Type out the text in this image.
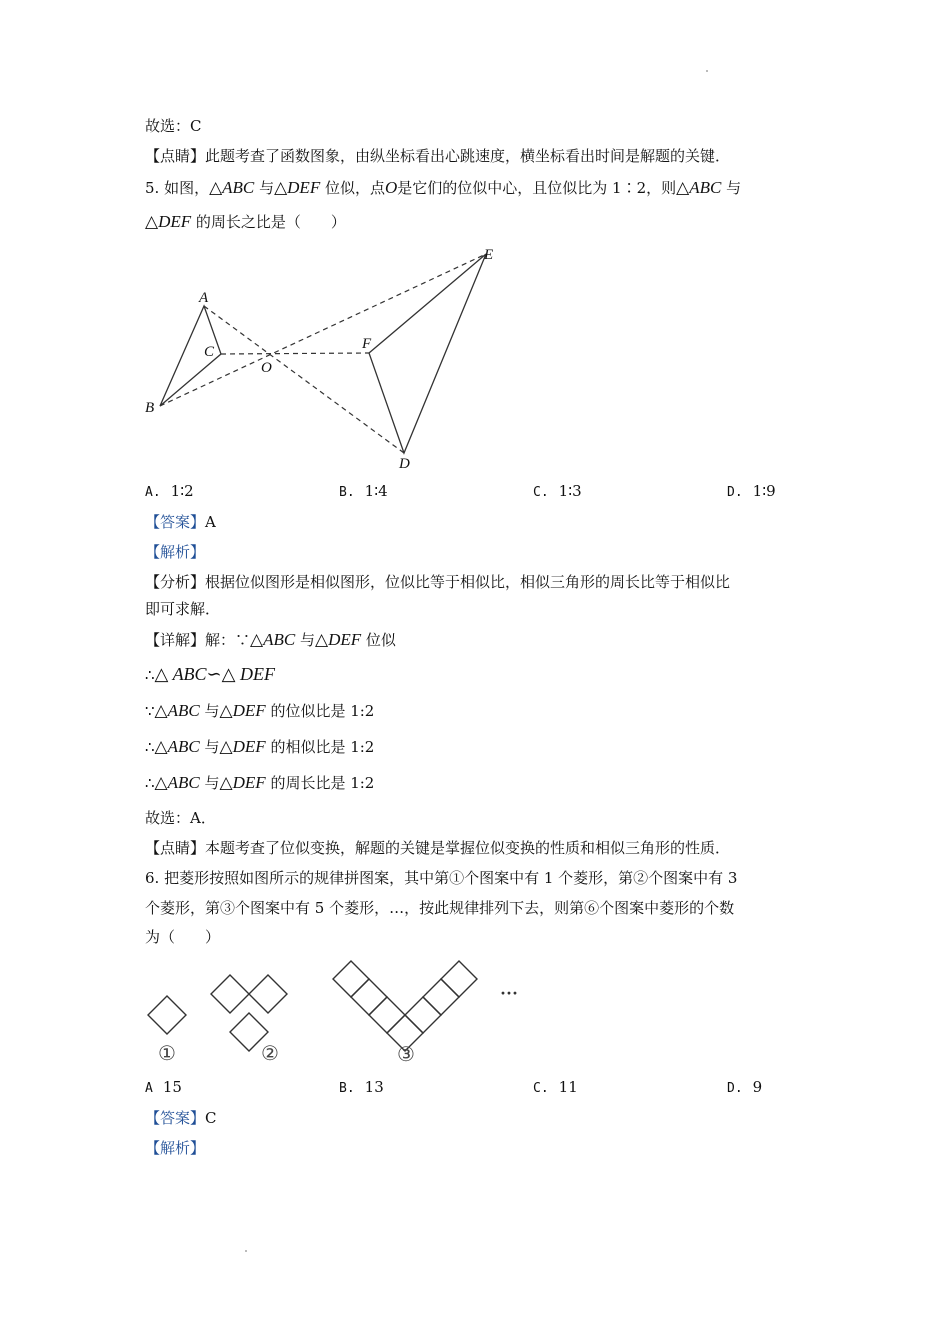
故选：C
【点睛】此题考查了函数图象，由纵坐标看出心跳速度，横坐标看出时间是解题的关键．
5. 如图，△ABC 与△DEF 位似，点O是它们的位似中心，且位似比为 1∶2，则△ABC 与
△DEF 的周长之比是（　　）
A
B
C
O
F
E
D
A. 1∶2	B. 1∶4	C. 1∶3	D. 1∶9
【答案】A
【解析】
【分析】根据位似图形是相似图形，位似比等于相似比，相似三角形的周长比等于相似比
即可求解．
【详解】解：∵△ABC 与△DEF 位似
∴△ ABC∽△ DEF
∵△ABC 与△DEF 的位似比是 1:2
∴△ABC 与△DEF 的相似比是 1:2
∴△ABC 与△DEF 的周长比是 1:2
故选：A．
【点睛】本题考查了位似变换，解题的关键是掌握位似变换的性质和相似三角形的性质．
6. 把菱形按照如图所示的规律拼图案，其中第①个图案中有 1 个菱形，第②个图案中有 3
个菱形，第③个图案中有 5 个菱形，…，按此规律排列下去，则第⑥个图案中菱形的个数
为（　　）
①	②	③
···
A 15	B. 13	C. 11	D. 9
【答案】C
【解析】
